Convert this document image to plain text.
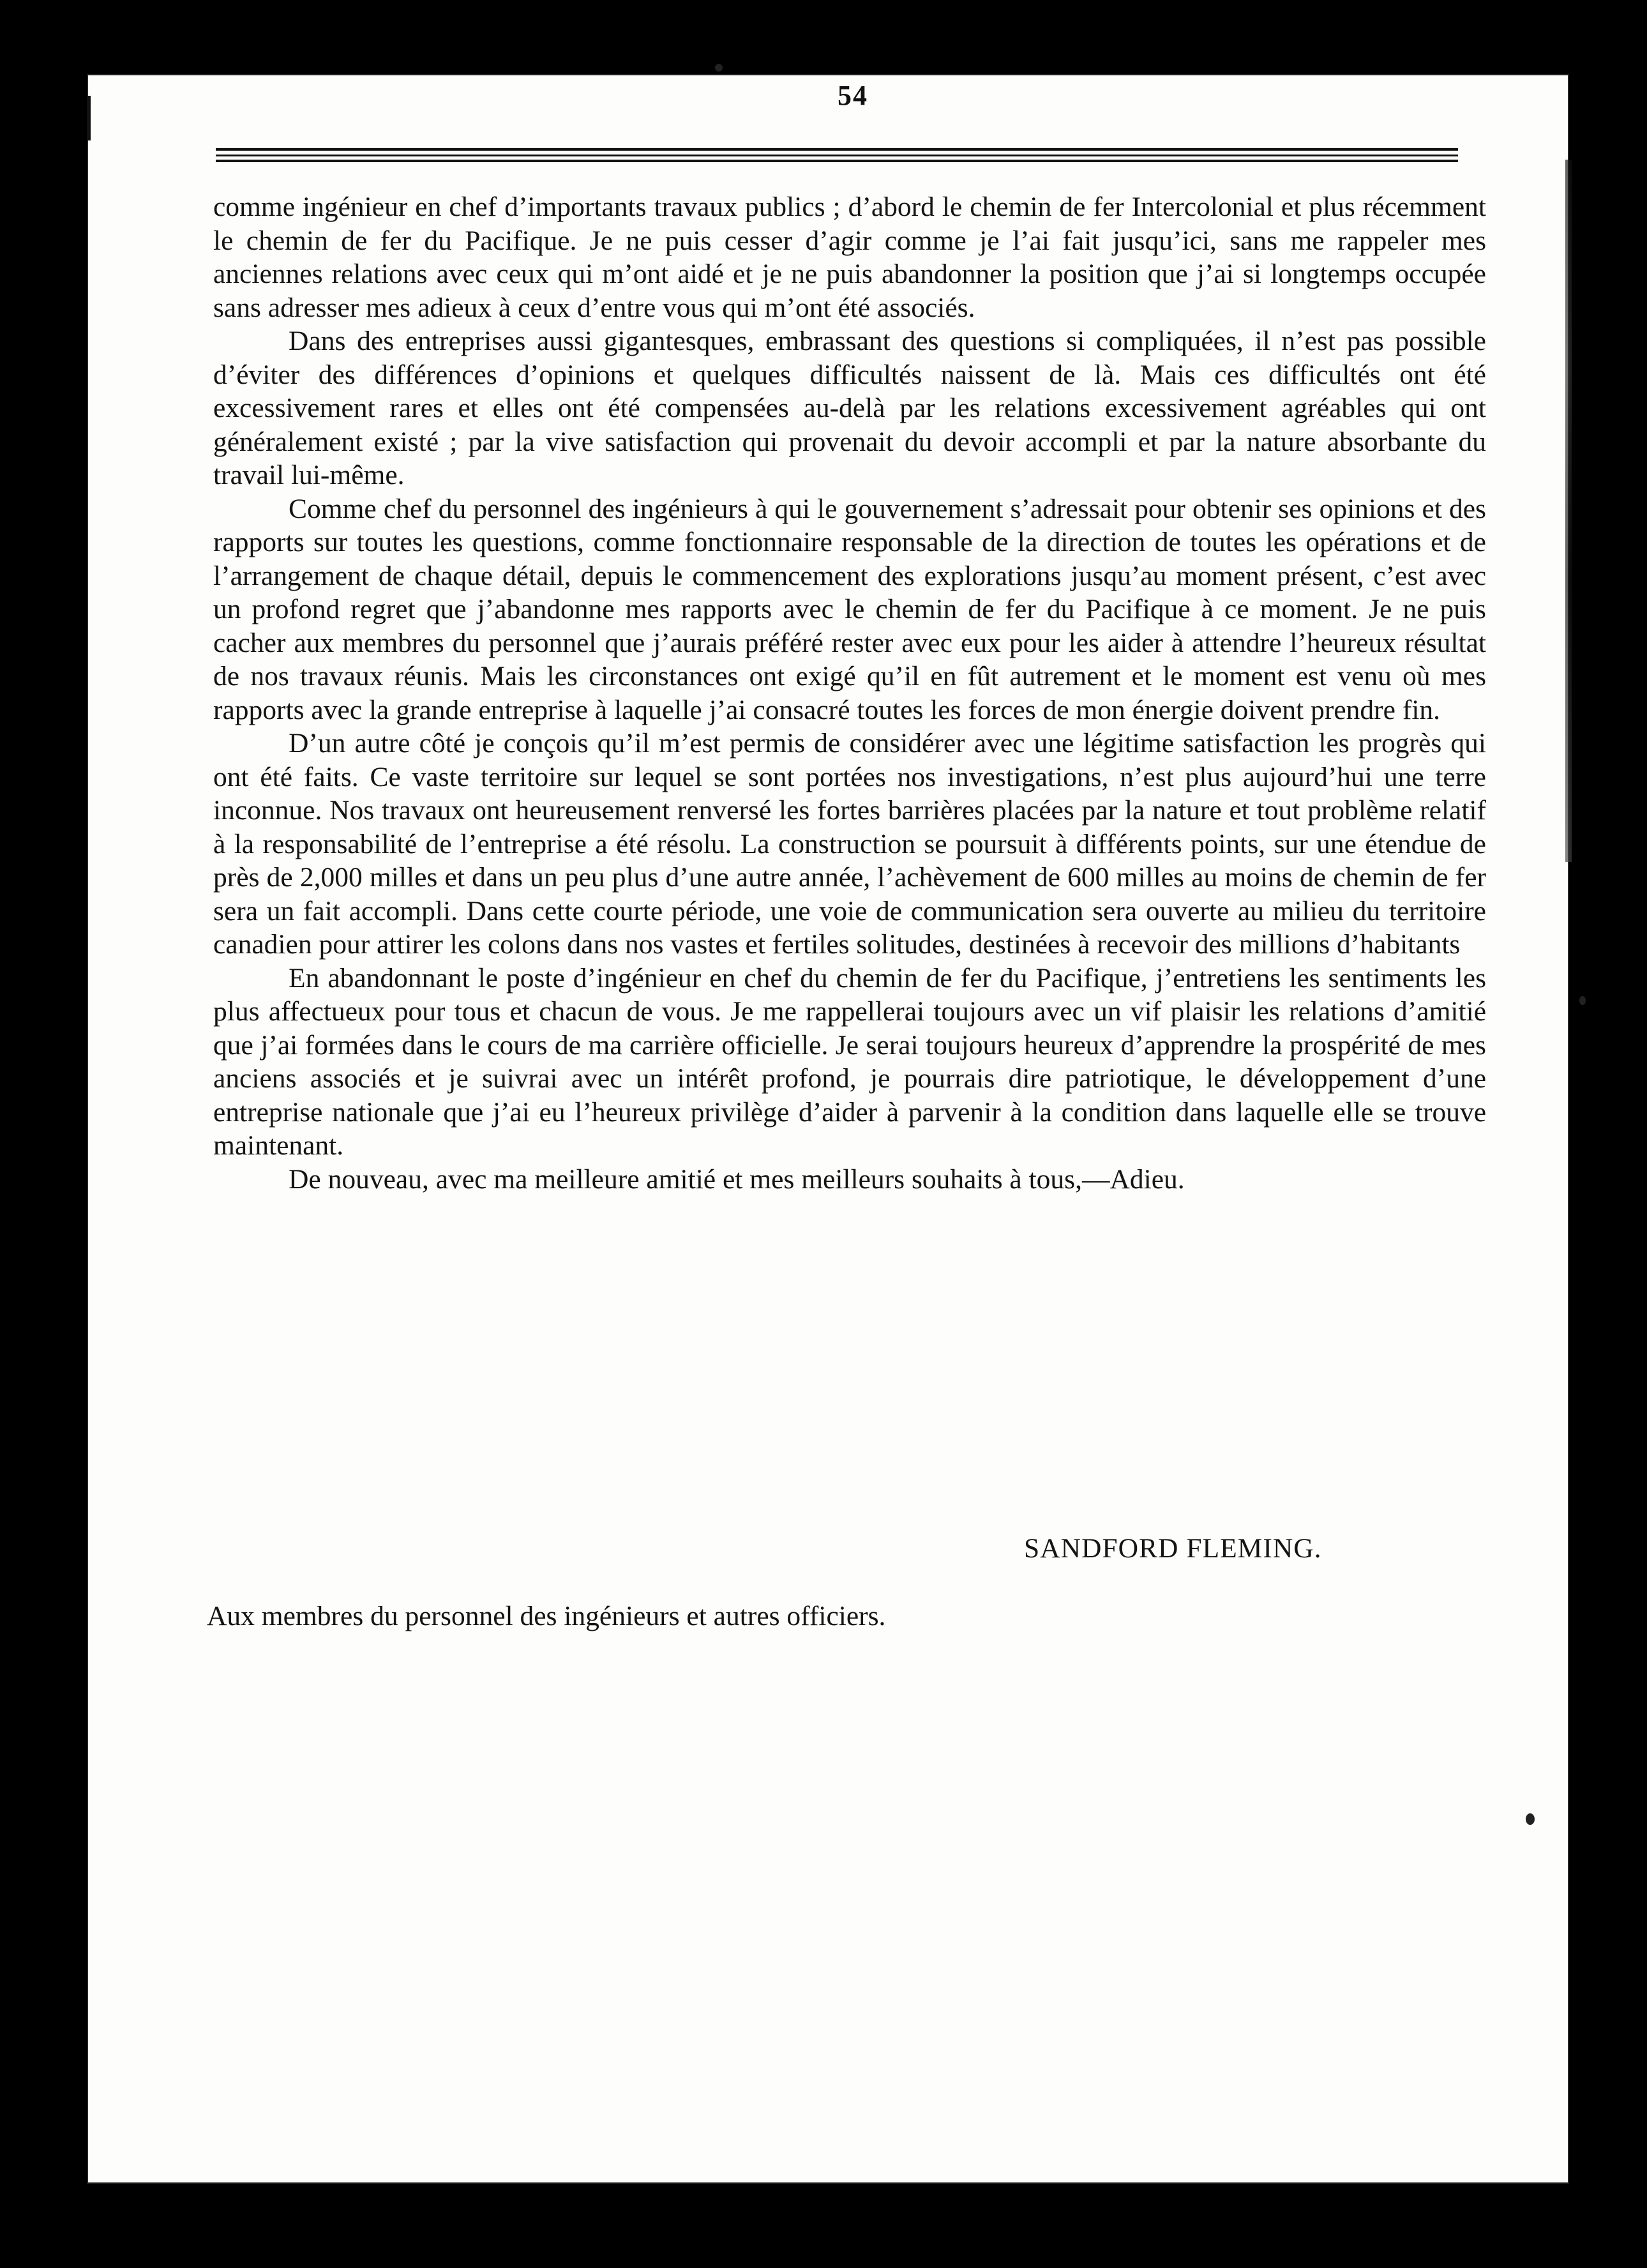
54

comme ingénieur en chef d’importants travaux publics ; d’abord le chemin de fer Intercolonial et plus récemment le chemin de fer du Pacifique. Je ne puis cesser d’agir comme je l’ai fait jusqu’ici, sans me rappeler mes anciennes relations avec ceux qui m’ont aidé et je ne puis abandonner la position que j’ai si longtemps occupée sans adresser mes adieux à ceux d’entre vous qui m’ont été associés.

Dans des entreprises aussi gigantesques, embrassant des questions si compliquées, il n’est pas possible d’éviter des différences d’opinions et quelques difficultés naissent de là. Mais ces difficultés ont été excessivement rares et elles ont été compensées au-delà par les relations excessivement agréables qui ont généralement existé ; par la vive satisfaction qui provenait du devoir accompli et par la nature absorbante du travail lui-même.

Comme chef du personnel des ingénieurs à qui le gouvernement s’adressait pour obtenir ses opinions et des rapports sur toutes les questions, comme fonctionnaire responsable de la direction de toutes les opérations et de l’arrangement de chaque détail, depuis le commencement des explorations jusqu’au moment présent, c’est avec un profond regret que j’abandonne mes rapports avec le chemin de fer du Pacifique à ce moment. Je ne puis cacher aux membres du personnel que j’aurais préféré rester avec eux pour les aider à attendre l’heureux résultat de nos travaux réunis. Mais les circonstances ont exigé qu’il en fût autrement et le moment est venu où mes rapports avec la grande entreprise à laquelle j’ai consacré toutes les forces de mon énergie doivent prendre fin.

D’un autre côté je conçois qu’il m’est permis de considérer avec une légitime satisfaction les progrès qui ont été faits. Ce vaste territoire sur lequel se sont portées nos investigations, n’est plus aujourd’hui une terre inconnue. Nos travaux ont heureusement renversé les fortes barrières placées par la nature et tout problème relatif à la responsabilité de l’entreprise a été résolu. La construction se poursuit à différents points, sur une étendue de près de 2,000 milles et dans un peu plus d’une autre année, l’achèvement de 600 milles au moins de chemin de fer sera un fait accompli. Dans cette courte période, une voie de communication sera ouverte au milieu du territoire canadien pour attirer les colons dans nos vastes et fertiles solitudes, destinées à recevoir des millions d’habitants

En abandonnant le poste d’ingénieur en chef du chemin de fer du Pacifique, j’entretiens les sentiments les plus affectueux pour tous et chacun de vous. Je me rappellerai toujours avec un vif plaisir les relations d’amitié que j’ai formées dans le cours de ma carrière officielle. Je serai toujours heureux d’apprendre la prospérité de mes anciens associés et je suivrai avec un intérêt profond, je pourrais dire patriotique, le développement d’une entreprise nationale que j’ai eu l’heureux privilège d’aider à parvenir à la condition dans laquelle elle se trouve maintenant.

De nouveau, avec ma meilleure amitié et mes meilleurs souhaits à tous,—Adieu.

SANDFORD FLEMING.
Aux membres du personnel des ingénieurs et autres officiers.
